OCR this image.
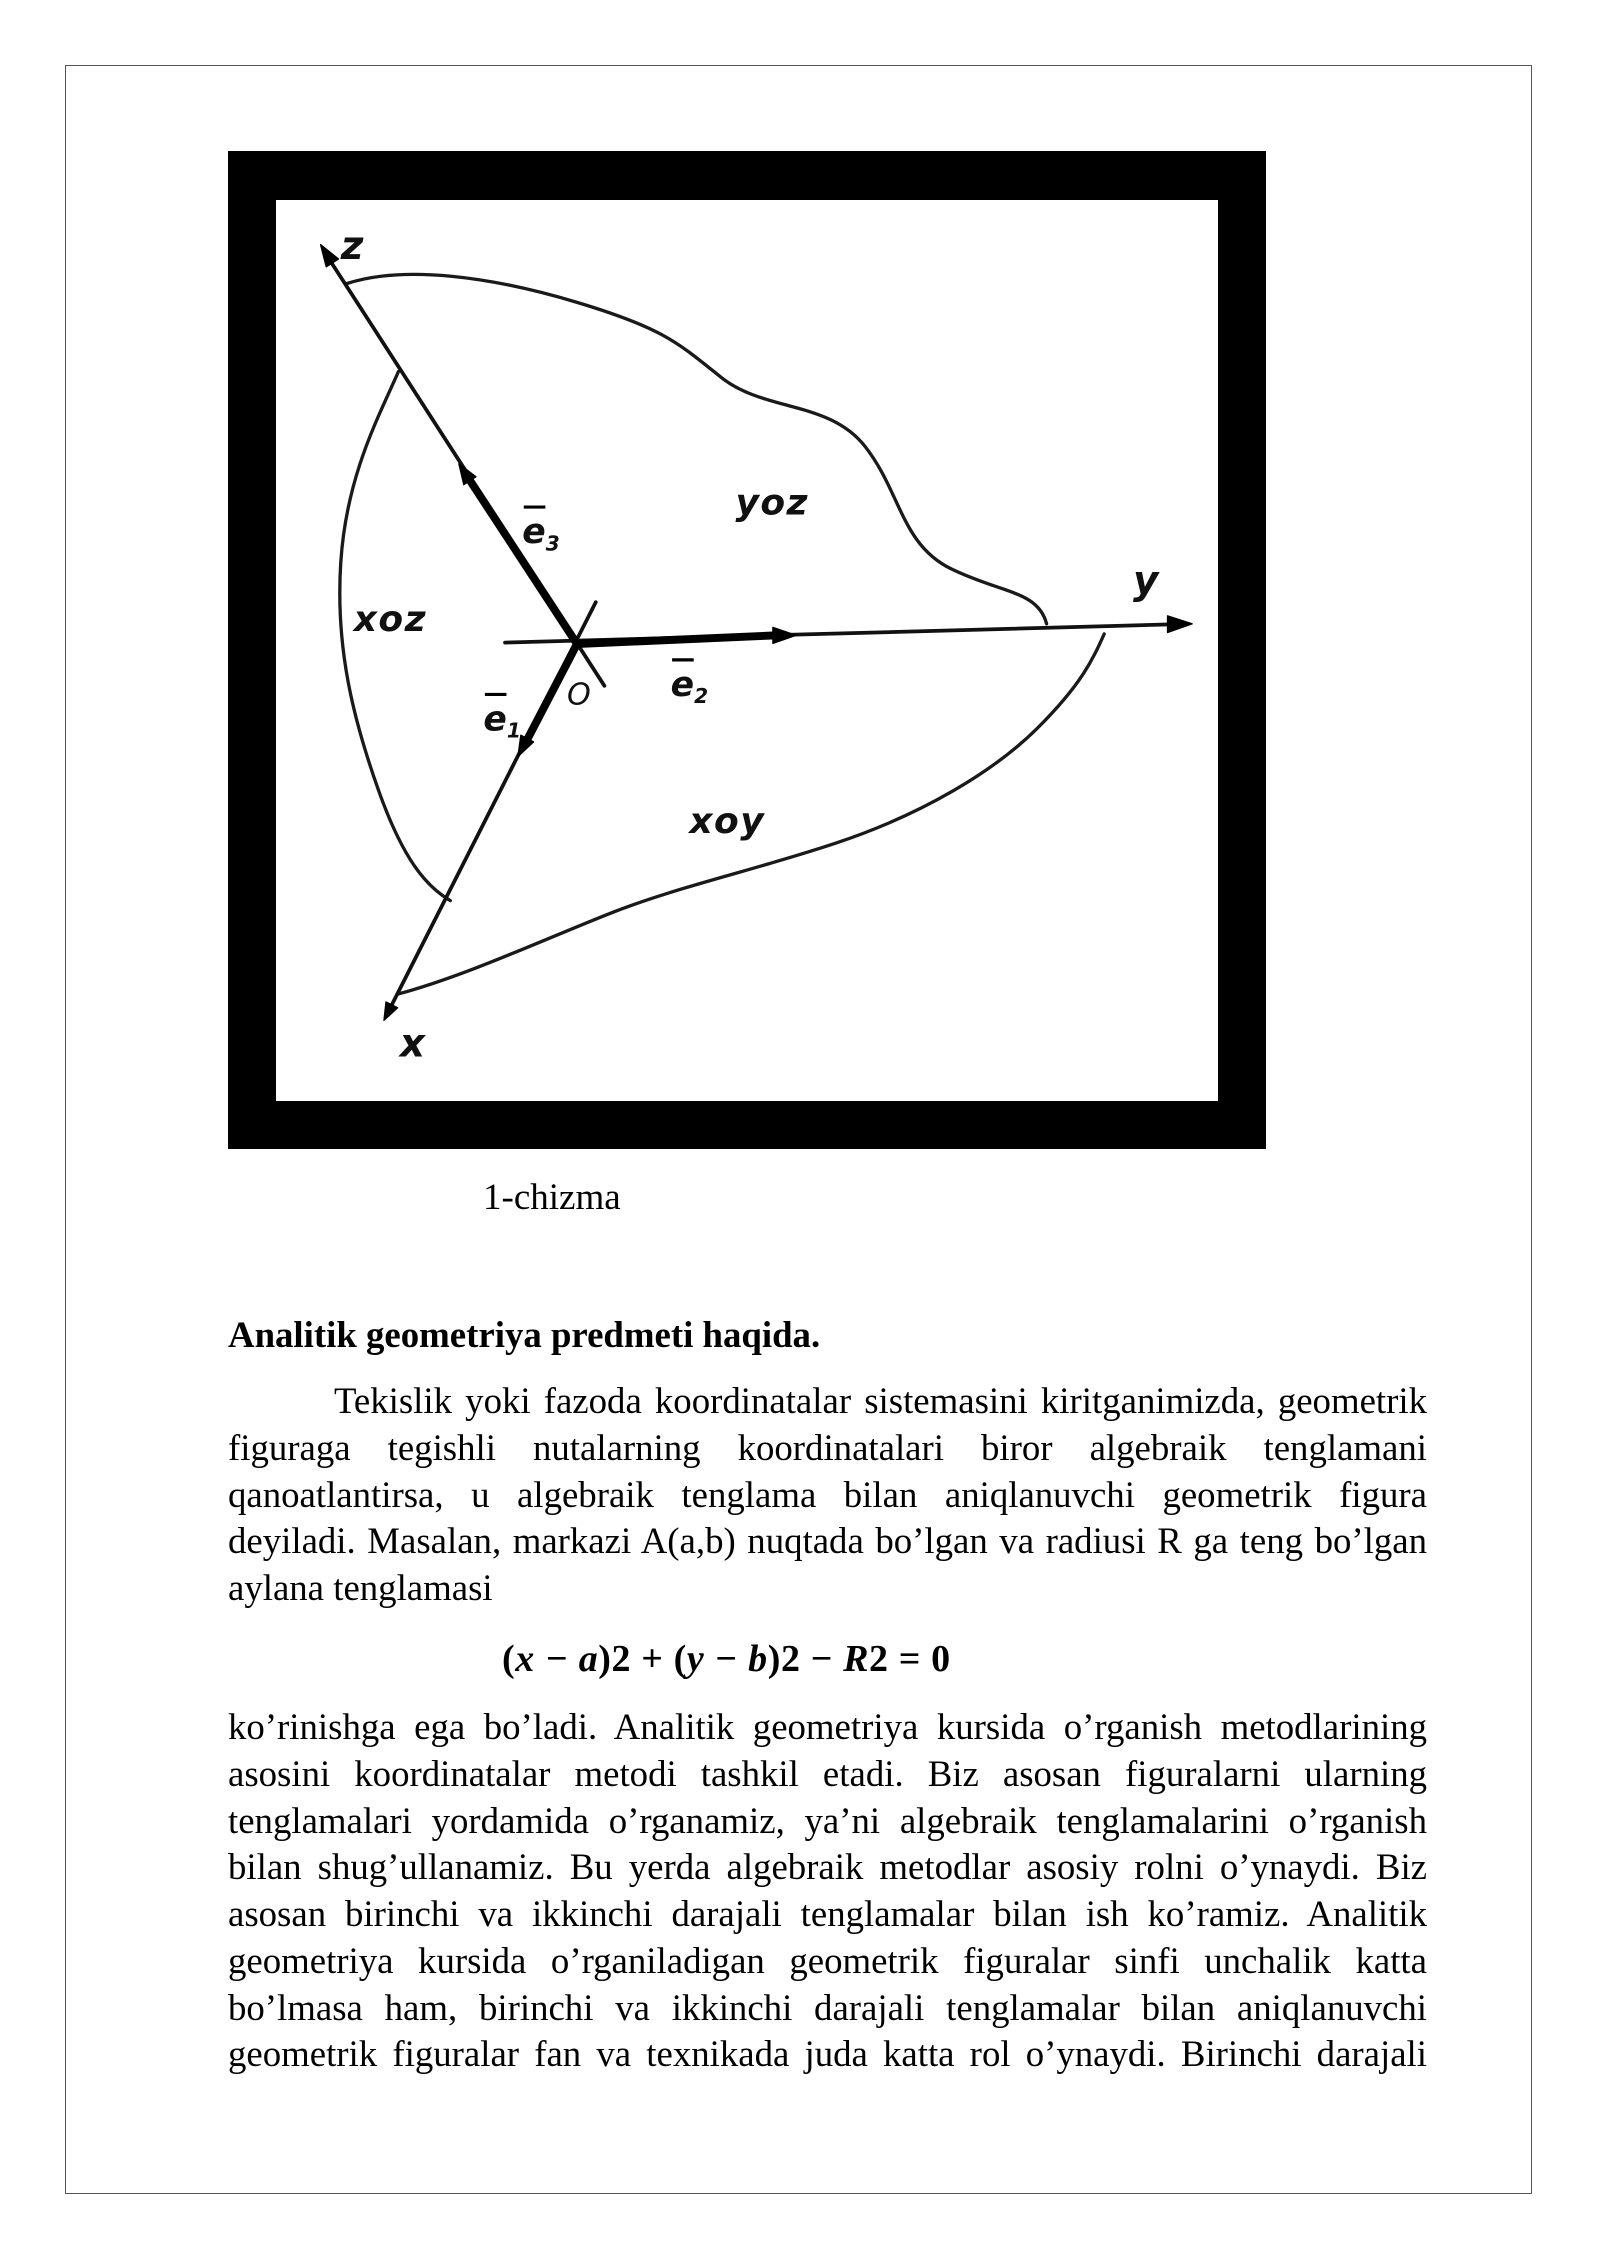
z
y
x
O
yoz
xoz
xoy
$e_3$
$e_2$
$e_1$
1-chizma
Analitik geometriya predmeti haqida.
Tekislik yoki fazoda koordinatalar sistemasini kiritganimizda, geometrik
figuraga tegishli nutalarning koordinatalari biror algebraik tenglamani
qanoatlantirsa, u algebraik tenglama bilan aniqlanuvchi geometrik figura
deyiladi. Masalan, markazi A(a,b) nuqtada bo’lgan va radiusi R ga teng bo’lgan
aylana tenglamasi
(x − a)2 + (y − b)2 − R2 = 0
ko’rinishga ega bo’ladi. Analitik geometriya kursida o’rganish metodlarining
asosini koordinatalar metodi tashkil etadi. Biz asosan figuralarni ularning
tenglamalari yordamida o’rganamiz, ya’ni algebraik tenglamalarini o’rganish
bilan shug’ullanamiz. Bu yerda algebraik metodlar asosiy rolni o’ynaydi. Biz
asosan birinchi va ikkinchi darajali tenglamalar bilan ish ko’ramiz. Analitik
geometriya kursida o’rganiladigan geometrik figuralar sinfi unchalik katta
bo’lmasa ham, birinchi va ikkinchi darajali tenglamalar bilan aniqlanuvchi
geometrik figuralar fan va texnikada juda katta rol o’ynaydi. Birinchi darajali
